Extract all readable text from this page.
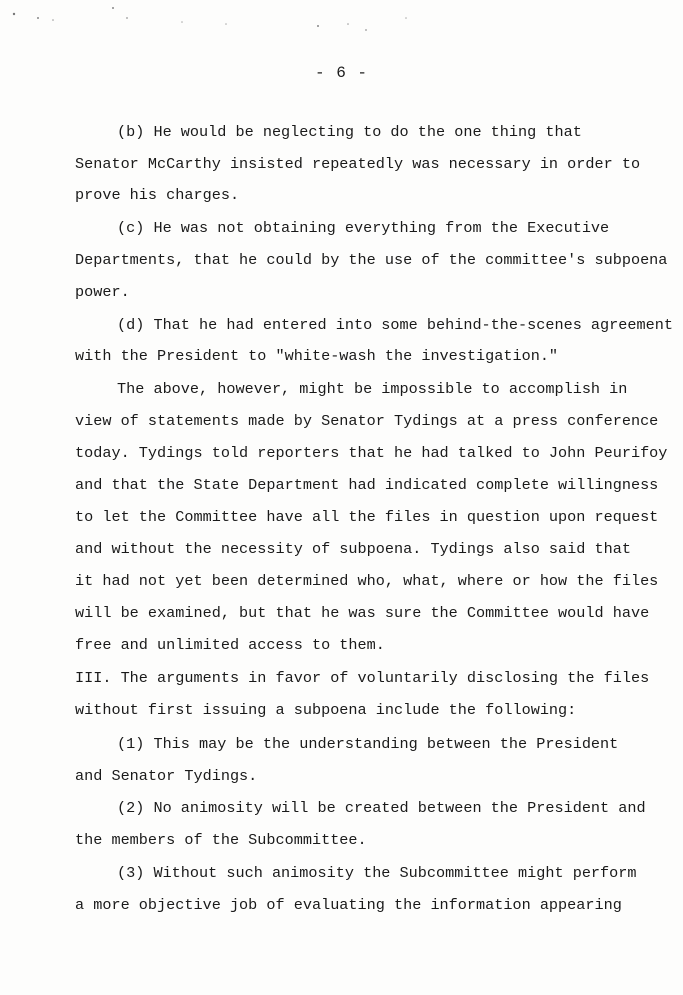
- 6 -
(b) He would be neglecting to do the one thing that
Senator McCarthy insisted repeatedly was necessary in order to
prove his charges.
(c) He was not obtaining everything from the Executive
Departments, that he could by the use of the committee's subpoena
power.
(d) That he had entered into some behind-the-scenes agreement
with the President to "white-wash the investigation."
The above, however, might be impossible to accomplish in
view of statements made by Senator Tydings at a press conference
today. Tydings told reporters that he had talked to John Peurifoy
and that the State Department had indicated complete willingness
to let the Committee have all the files in question upon request
and without the necessity of subpoena. Tydings also said that
it had not yet been determined who, what, where or how the files
will be examined, but that he was sure the Committee would have
free and unlimited access to them.
III. The arguments in favor of voluntarily disclosing the files
without first issuing a subpoena include the following:
(1) This may be the understanding between the President
and Senator Tydings.
(2) No animosity will be created between the President and
the members of the Subcommittee.
(3) Without such animosity the Subcommittee might perform
a more objective job of evaluating the information appearing
